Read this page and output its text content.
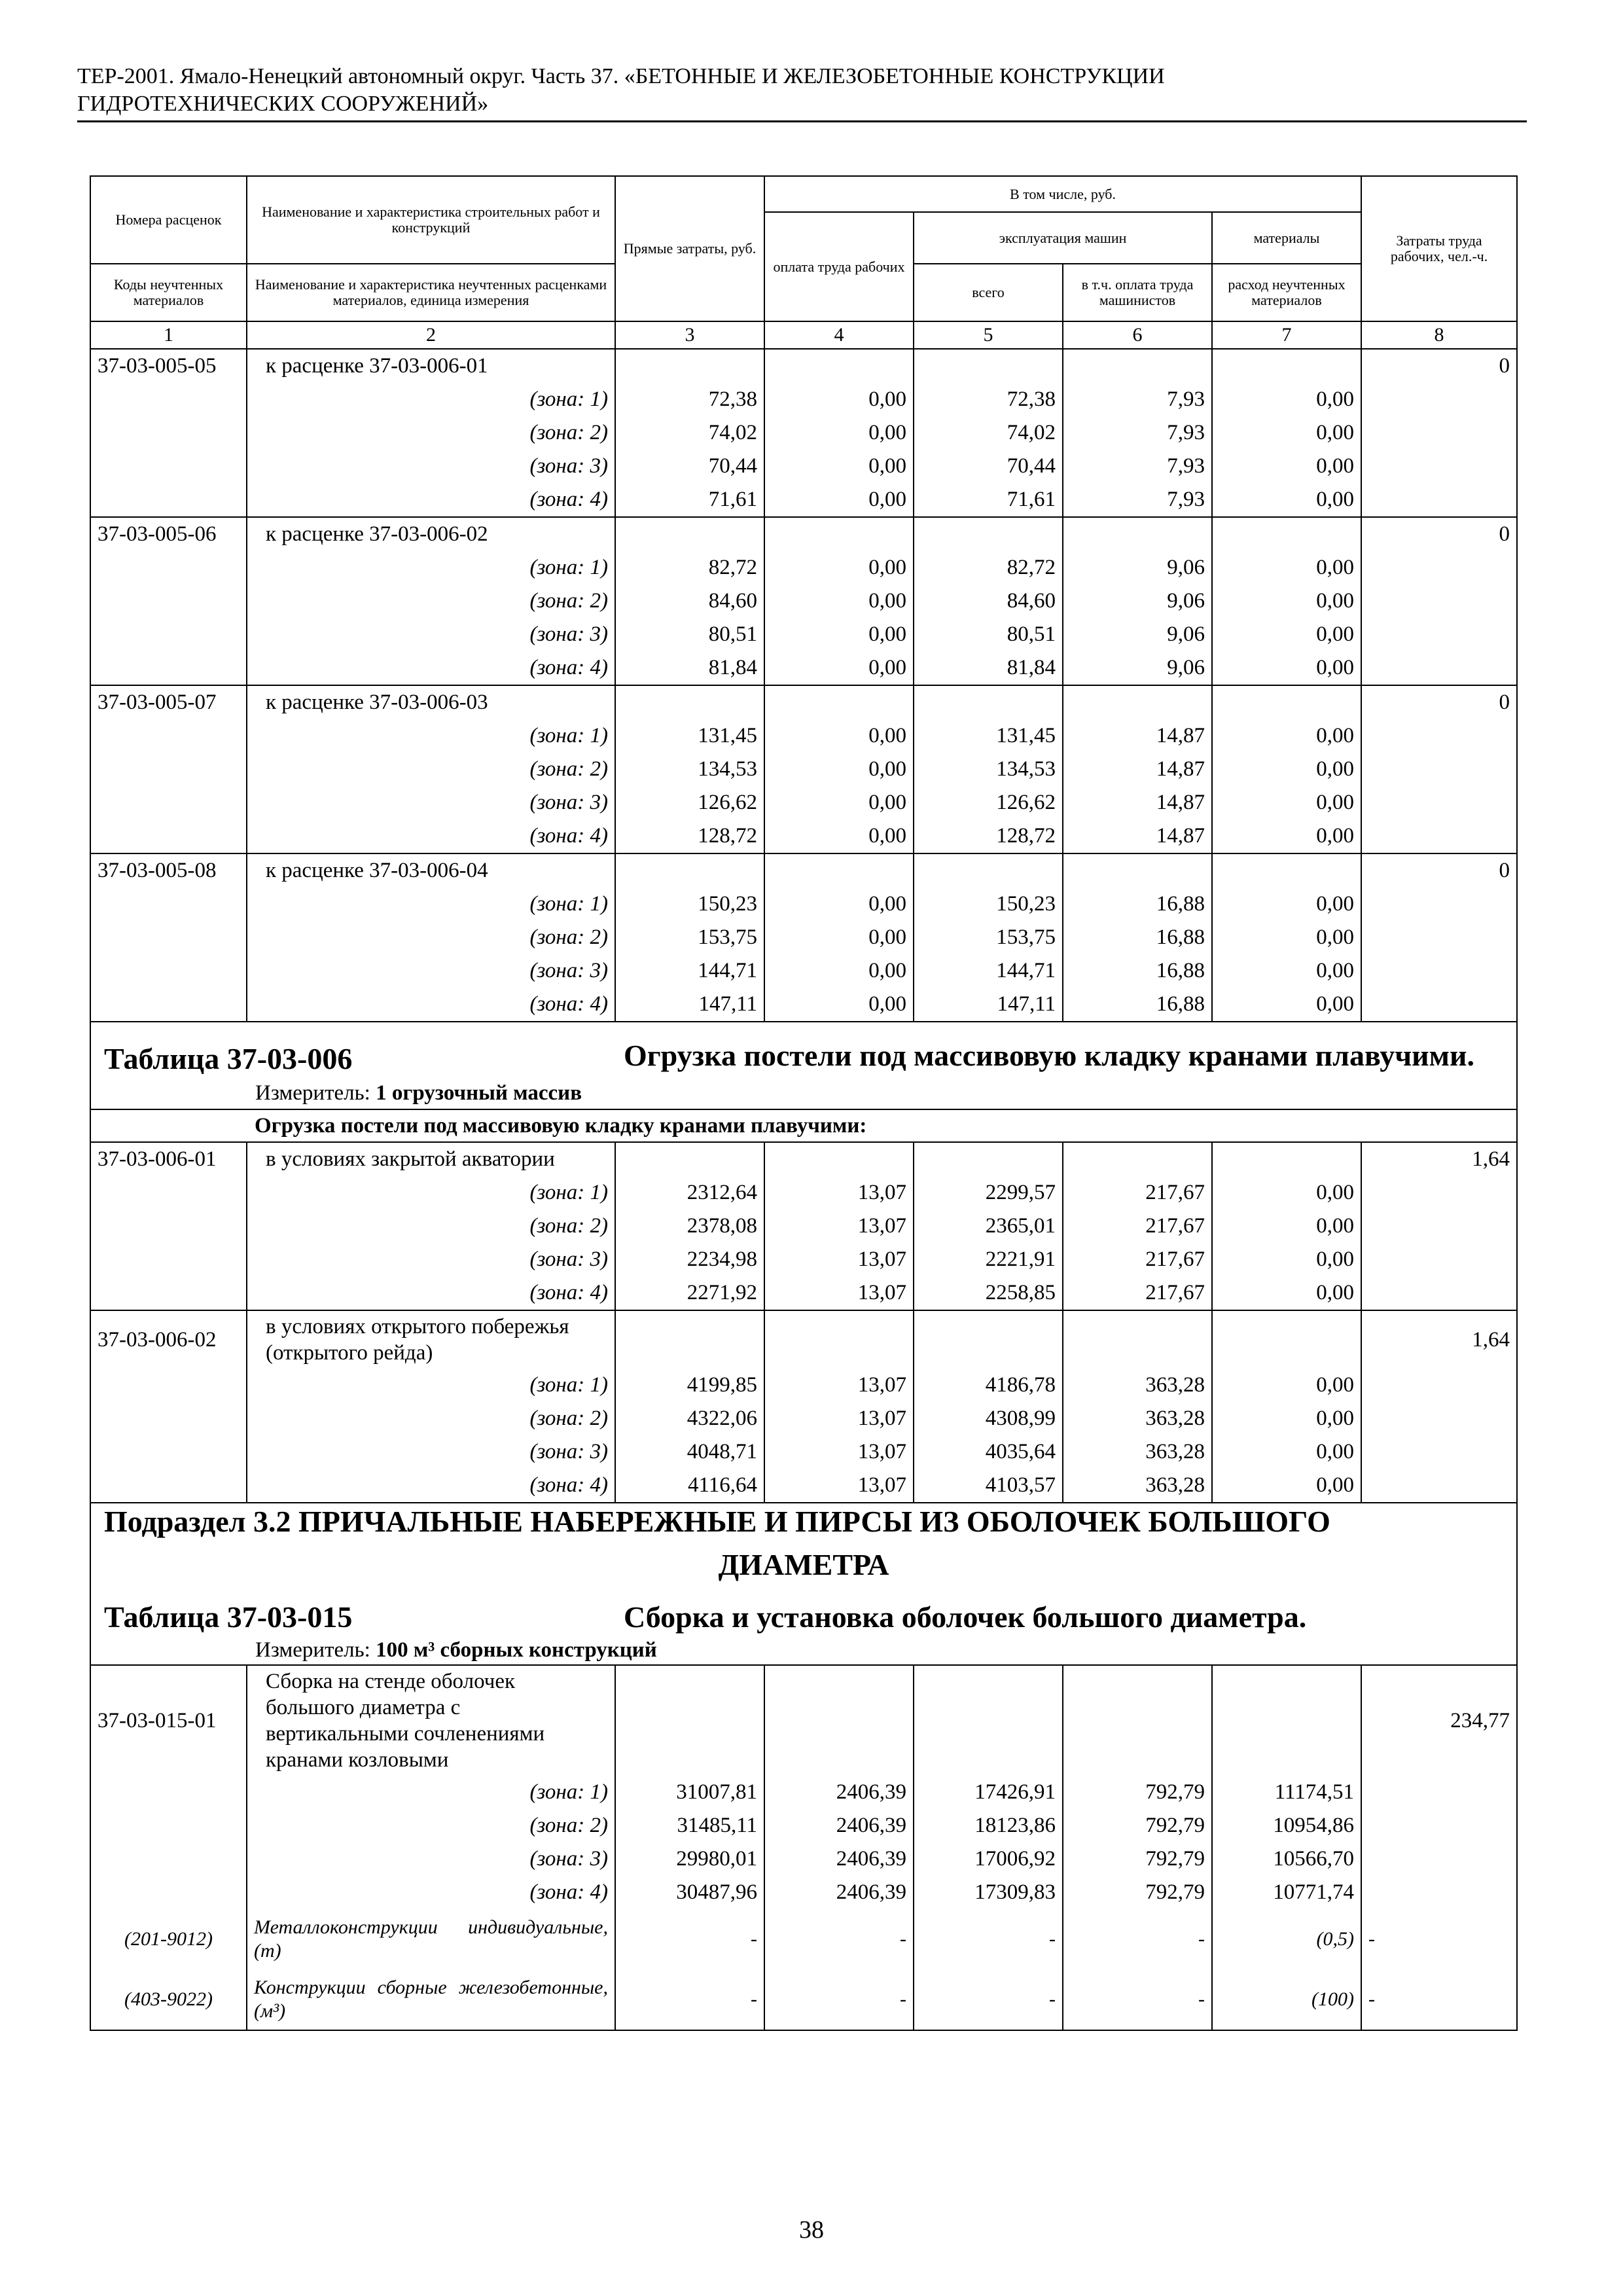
ТЕР-2001. Ямало-Ненецкий автономный округ. Часть 37. «БЕТОННЫЕ И ЖЕЛЕЗОБЕТОННЫЕ КОНСТРУКЦИИ
ГИДРОТЕХНИЧЕСКИХ СООРУЖЕНИЙ»
Номера расценок	Наименование и характеристика строительных работ и конструкций	Прямые затраты, руб.	В том числе, руб.				Затраты труда рабочих, чел.-ч.
			оплата труда рабочих	эксплуатация машин		материалы	
Коды неучтенных материалов	Наименование и характеристика неучтенных расценками материалов, единица измерения			всего	в т.ч. оплата труда машинистов	расход неучтенных материалов	
1	2	3	4	5	6	7	8
37-03-005-05	к расценке 37-03-006-01						0
	(зона: 1)	72,38	0,00	72,38	7,93	0,00	
	(зона: 2)	74,02	0,00	74,02	7,93	0,00	
	(зона: 3)	70,44	0,00	70,44	7,93	0,00	
	(зона: 4)	71,61	0,00	71,61	7,93	0,00	
37-03-005-06	к расценке 37-03-006-02						0
	(зона: 1)	82,72	0,00	82,72	9,06	0,00	
	(зона: 2)	84,60	0,00	84,60	9,06	0,00	
	(зона: 3)	80,51	0,00	80,51	9,06	0,00	
	(зона: 4)	81,84	0,00	81,84	9,06	0,00	
37-03-005-07	к расценке 37-03-006-03						0
	(зона: 1)	131,45	0,00	131,45	14,87	0,00	
	(зона: 2)	134,53	0,00	134,53	14,87	0,00	
	(зона: 3)	126,62	0,00	126,62	14,87	0,00	
	(зона: 4)	128,72	0,00	128,72	14,87	0,00	
37-03-005-08	к расценке 37-03-006-04						0
	(зона: 1)	150,23	0,00	150,23	16,88	0,00	
	(зона: 2)	153,75	0,00	153,75	16,88	0,00	
	(зона: 3)	144,71	0,00	144,71	16,88	0,00	
	(зона: 4)	147,11	0,00	147,11	16,88	0,00	

Таблица 37-03-006 Огрузка постели под массивовую кладку кранами плавучими.
Измеритель: 1 огрузочный массив							

Огрузка постели под массивовую кладку кранами плавучими:							
37-03-006-01	в условиях закрытой акватории						1,64
	(зона: 1)	2312,64	13,07	2299,57	217,67	0,00	
	(зона: 2)	2378,08	13,07	2365,01	217,67	0,00	
	(зона: 3)	2234,98	13,07	2221,91	217,67	0,00	
	(зона: 4)	2271,92	13,07	2258,85	217,67	0,00	
37-03-006-02	в условиях открытого побережья (открытого рейда)						1,64
	(зона: 1)	4199,85	13,07	4186,78	363,28	0,00	
	(зона: 2)	4322,06	13,07	4308,99	363,28	0,00	
	(зона: 3)	4048,71	13,07	4035,64	363,28	0,00	
	(зона: 4)	4116,64	13,07	4103,57	363,28	0,00	

Подраздел 3.2 ПРИЧАЛЬНЫЕ НАБЕРЕЖНЫЕ И ПИРСЫ ИЗ ОБОЛОЧЕК БОЛЬШОГО
ДИАМЕТРА
Таблица 37-03-015 Сборка и установка оболочек большого диаметра.
Измеритель: 100 м³ сборных конструкций							

37-03-015-01	Сборка на стенде оболочек большого диаметра с вертикальными сочленениями кранами козловыми						234,77
	(зона: 1)	31007,81	2406,39	17426,91	792,79	11174,51	
	(зона: 2)	31485,11	2406,39	18123,86	792,79	10954,86	
	(зона: 3)	29980,01	2406,39	17006,92	792,79	10566,70	
	(зона: 4)	30487,96	2406,39	17309,83	792,79	10771,74	
(201-9012)	Металлоконструкции индивидуальные, (т)	-	-	-	-	(0,5)	-
(403-9022)	Конструкции сборные железобетонные, (м³)	-	-	-	-	(100)	-
38
